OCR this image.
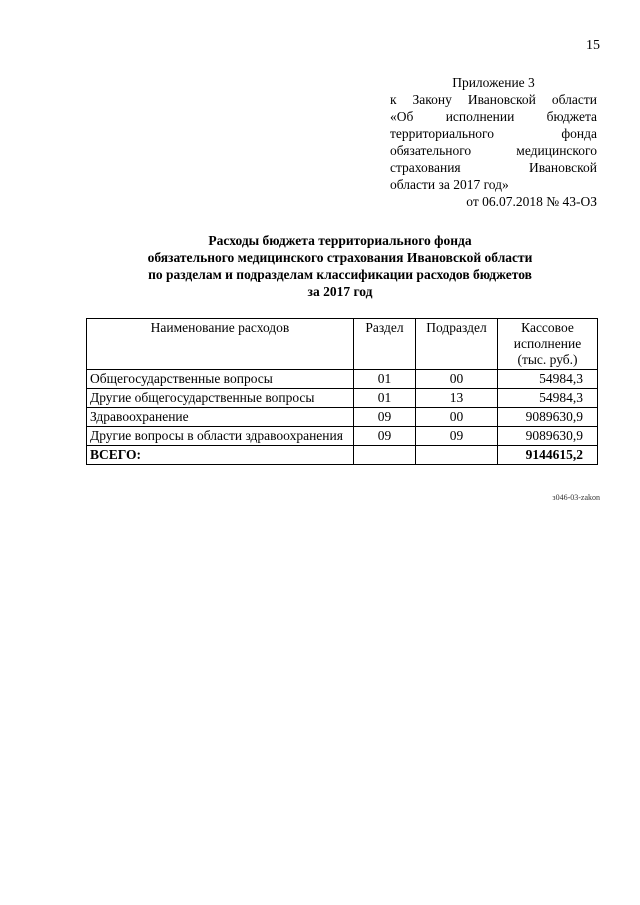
15
Приложение 3
к Закону Ивановской области
«Об исполнении бюджета
территориального фонда
обязательного медицинского
страхования Ивановской
области за 2017 год»
от 06.07.2018 № 43-ОЗ
Расходы бюджета территориального фонда
обязательного медицинского страхования Ивановской области
по разделам и подразделам классификации расходов бюджетов
за 2017 год
Наименование расходов	Раздел	Подраздел	Кассовое
исполнение
(тыс. руб.)

Общегосударственные вопросы	01	00	54984,3
Другие общегосударственные вопросы	01	13	54984,3
Здравоохранение	09	00	9089630,9
Другие вопросы в области здравоохранения	09	09	9089630,9
ВСЕГО:			9144615,2
з046-03-zakon
